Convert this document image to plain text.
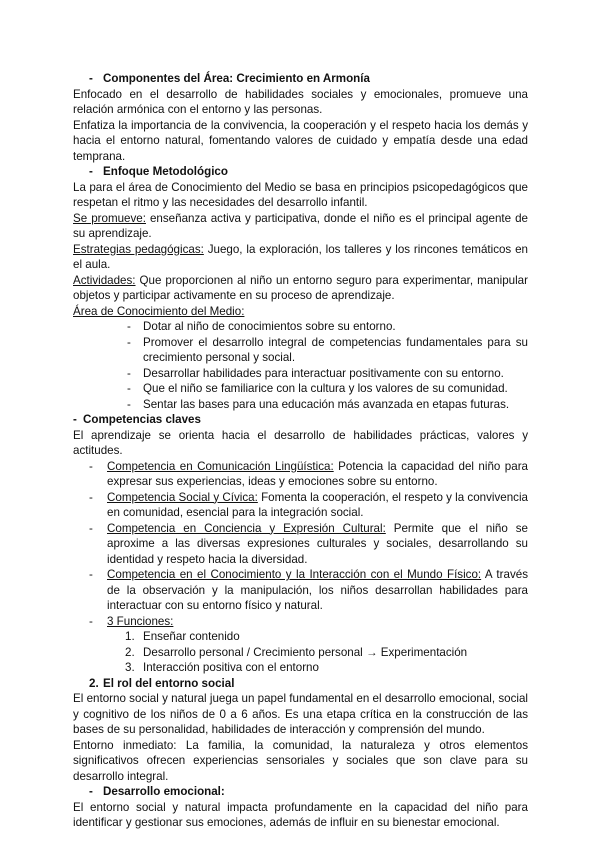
- Componentes del Área: Crecimiento en Armonía
Enfocado en el desarrollo de habilidades sociales y emocionales, promueve una relación armónica con el entorno y las personas.
Enfatiza la importancia de la convivencia, la cooperación y el respeto hacia los demás y hacia el entorno natural, fomentando valores de cuidado y empatía desde una edad temprana.
- Enfoque Metodológico
La para el área de Conocimiento del Medio se basa en principios psicopedagógicos que respetan el ritmo y las necesidades del desarrollo infantil.
Se promueve: enseñanza activa y participativa, donde el niño es el principal agente de su aprendizaje.
Estrategias pedagógicas: Juego, la exploración, los talleres y los rincones temáticos en el aula.
Actividades: Que proporcionen al niño un entorno seguro para experimentar, manipular objetos y participar activamente en su proceso de aprendizaje.
Área de Conocimiento del Medio:
- Dotar al niño de conocimientos sobre su entorno.
- Promover el desarrollo integral de competencias fundamentales para su crecimiento personal y social.
- Desarrollar habilidades para interactuar positivamente con su entorno.
- Que el niño se familiarice con la cultura y los valores de su comunidad.
- Sentar las bases para una educación más avanzada en etapas futuras.
- Competencias claves
El aprendizaje se orienta hacia el desarrollo de habilidades prácticas, valores y actitudes.
- Competencia en Comunicación Lingüística: Potencia la capacidad del niño para expresar sus experiencias, ideas y emociones sobre su entorno.
- Competencia Social y Cívica: Fomenta la cooperación, el respeto y la convivencia en comunidad, esencial para la integración social.
- Competencia en Conciencia y Expresión Cultural: Permite que el niño se aproxime a las diversas expresiones culturales y sociales, desarrollando su identidad y respeto hacia la diversidad.
- Competencia en el Conocimiento y la Interacción con el Mundo Físico: A través de la observación y la manipulación, los niños desarrollan habilidades para interactuar con su entorno físico y natural.
- 3 Funciones:
1. Enseñar contenido
2. Desarrollo personal / Crecimiento personal → Experimentación
3. Interacción positiva con el entorno
2. El rol del entorno social
El entorno social y natural juega un papel fundamental en el desarrollo emocional, social y cognitivo de los niños de 0 a 6 años. Es una etapa crítica en la construcción de las bases de su personalidad, habilidades de interacción y comprensión del mundo.
Entorno inmediato: La familia, la comunidad, la naturaleza y otros elementos significativos ofrecen experiencias sensoriales y sociales que son clave para su desarrollo integral.
- Desarrollo emocional:
El entorno social y natural impacta profundamente en la capacidad del niño para identificar y gestionar sus emociones, además de influir en su bienestar emocional.
